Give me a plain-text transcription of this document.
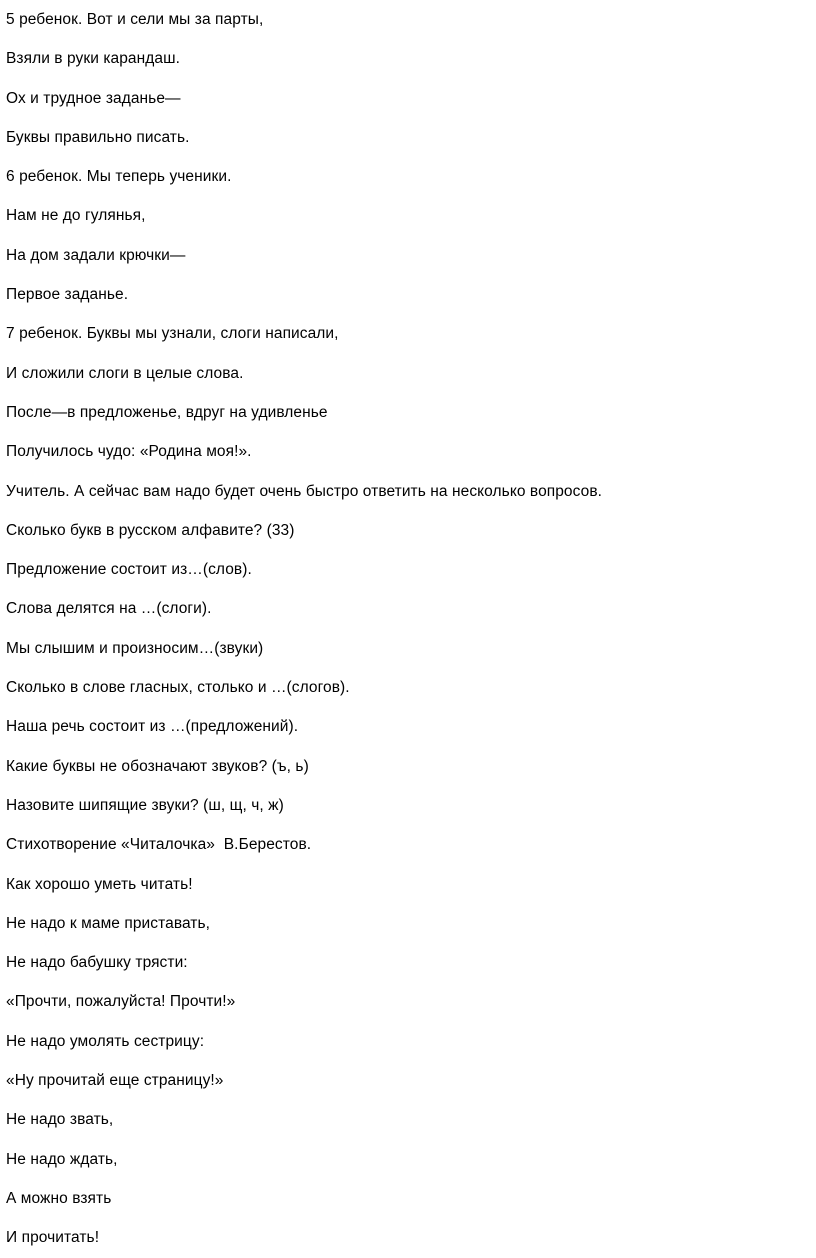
5 ребенок. Вот и сели мы за парты,
Взяли в руки карандаш.
Ох и трудное заданье—
Буквы правильно писать.
6 ребенок. Мы теперь ученики.
Нам не до гулянья,
На дом задали крючки—
Первое заданье.
7 ребенок. Буквы мы узнали, слоги написали,
И сложили слоги в целые слова.
После—в предложенье, вдруг на удивленье
Получилось чудо: «Родина моя!».
Учитель. А сейчас вам надо будет очень быстро ответить на несколько вопросов.
Сколько букв в русском алфавите? (33)
Предложение состоит из…(слов).
Слова делятся на …(слоги).
Мы слышим и произносим…(звуки)
Сколько в слове гласных, столько и …(слогов).
Наша речь состоит из …(предложений).
Какие буквы не обозначают звуков? (ъ, ь)
Назовите шипящие звуки? (ш, щ, ч, ж)
Стихотворение «Читалочка»  В.Берестов.
Как хорошо уметь читать!
Не надо к маме приставать,
Не надо бабушку трясти:
«Прочти, пожалуйста! Прочти!»
Не надо умолять сестрицу:
«Ну прочитай еще страницу!»
Не надо звать,
Не надо ждать,
А можно взять
И прочитать!
